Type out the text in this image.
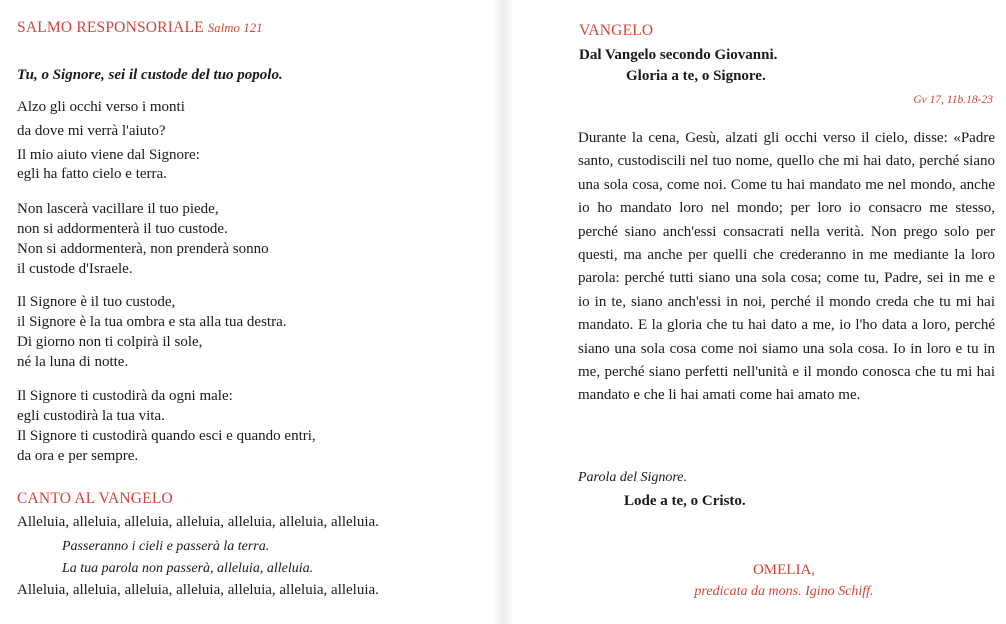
SALMO RESPONSORIALE Salmo 121
Tu, o Signore, sei il custode del tuo popolo.
Alzo gli occhi verso i monti
da dove mi verrà l'aiuto?
Il mio aiuto viene dal Signore:
egli ha fatto cielo e terra.
Non lascerà vacillare il tuo piede,
non si addormenterà il tuo custode.
Non si addormenterà, non prenderà sonno
il custode d'Israele.
Il Signore è il tuo custode,
il Signore è la tua ombra e sta alla tua destra.
Di giorno non ti colpirà il sole,
né la luna di notte.
Il Signore ti custodirà da ogni male:
egli custodirà la tua vita.
Il Signore ti custodirà quando esci e quando entri,
da ora e per sempre.
CANTO AL VANGELO
Alleluia, alleluia, alleluia, alleluia, alleluia, alleluia, alleluia.
Passeranno i cieli e passerà la terra.
La tua parola non passerà, alleluia, alleluia.
Alleluia, alleluia, alleluia, alleluia, alleluia, alleluia, alleluia.
VANGELO
Dal Vangelo secondo Giovanni.
Gloria a te, o Signore.
Gv 17, 11b.18-23
Durante la cena, Gesù, alzati gli occhi verso il cielo, disse: «Padre santo, custodiscili nel tuo nome, quello che mi hai dato, perché siano una sola cosa, come noi. Come tu hai mandato me nel mondo, anche io ho mandato loro nel mondo; per loro io consacro me stesso, perché siano anch'essi consacrati nella verità. Non prego solo per questi, ma anche per quelli che crederanno in me mediante la loro parola: perché tutti siano una sola cosa; come tu, Padre, sei in me e io in te, siano anch'essi in noi, perché il mondo creda che tu mi hai mandato. E la gloria che tu hai dato a me, io l'ho data a loro, perché siano una sola cosa come noi siamo una sola cosa. Io in loro e tu in me, perché siano perfetti nell'unità e il mondo conosca che tu mi hai mandato e che li hai amati come hai amato me.
Parola del Signore.
Lode a te, o Cristo.
OMELIA,
predicata da mons. Igino Schiff.
